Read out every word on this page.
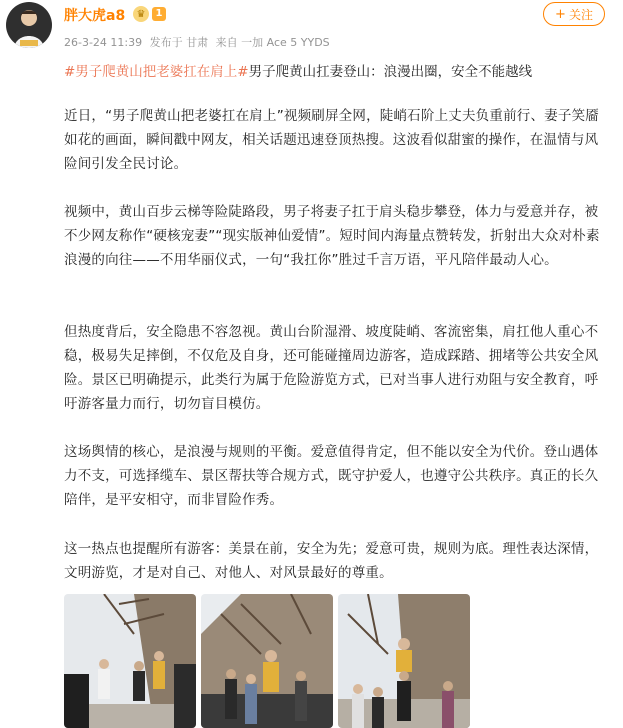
胖大虎a8	♛	1
26-3-24 11:39 发布于 甘肃 来自 一加 Ace 5 YYDS
+ 关注
#男子爬黄山把老婆扛在肩上#男子爬黄山扛妻登山：浪漫出圈，安全不能越线

近日，“男子爬黄山把老婆扛在肩上”视频刷屏全网，陡峭石阶上丈夫负重前行、妻子笑靥如花的画面，瞬间戳中网友，相关话题迅速登顶热搜。这波看似甜蜜的操作，在温情与风险间引发全民讨论。

视频中，黄山百步云梯等险陡路段，男子将妻子扛于肩头稳步攀登，体力与爱意并存，被不少网友称作“硬核宠妻”“现实版神仙爱情”。短时间内海量点赞转发，折射出大众对朴素浪漫的向往——不用华丽仪式，一句“我扛你”胜过千言万语，平凡陪伴最动人心。

但热度背后，安全隐患不容忽视。黄山台阶湿滑、坡度陡峭、客流密集，肩扛他人重心不稳，极易失足摔倒，不仅危及自身，还可能碰撞周边游客，造成踩踏、拥堵等公共安全风险。景区已明确提示，此类行为属于危险游览方式，已对当事人进行劝阻与安全教育，呼吁游客量力而行，切勿盲目模仿。

这场舆情的核心，是浪漫与规则的平衡。爱意值得肯定，但不能以安全为代价。登山遇体力不支，可选择缆车、景区帮扶等合规方式，既守护爱人，也遵守公共秩序。真正的长久陪伴，是平安相守，而非冒险作秀。

这一热点也提醒所有游客：美景在前，安全为先；爱意可贵，规则为底。理性表达深情，文明游览，才是对自己、对他人、对风景最好的尊重。
